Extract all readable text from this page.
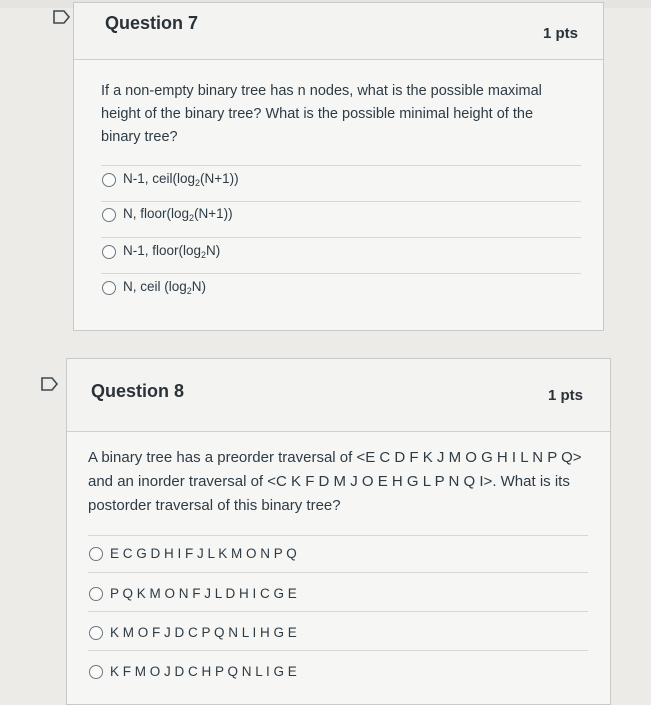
Question 7
1 pts
If a non-empty binary tree has n nodes, what is the possible maximal height of the binary tree? What is the possible minimal height of the binary tree?
N-1, $ceil(\log_2(N+1))$
N, $floor(\log_2(N+1))$
N-1, $floor(\log_2N)$
N, ceil $(\log_2N)$
Question 8	1 pts
A binary tree has a preorder traversal of <E C D F K J M O G H I L N P Q> and an inorder traversal of <C K F D M J O E H G L P N Q I>. What is its postorder traversal of this binary tree?
E C G D H I F J L K M O N P Q
P Q K M O N F J L D H I C G E
K M O F J D C P Q N L I H G E
K F M O J D C H P Q N L I G E
